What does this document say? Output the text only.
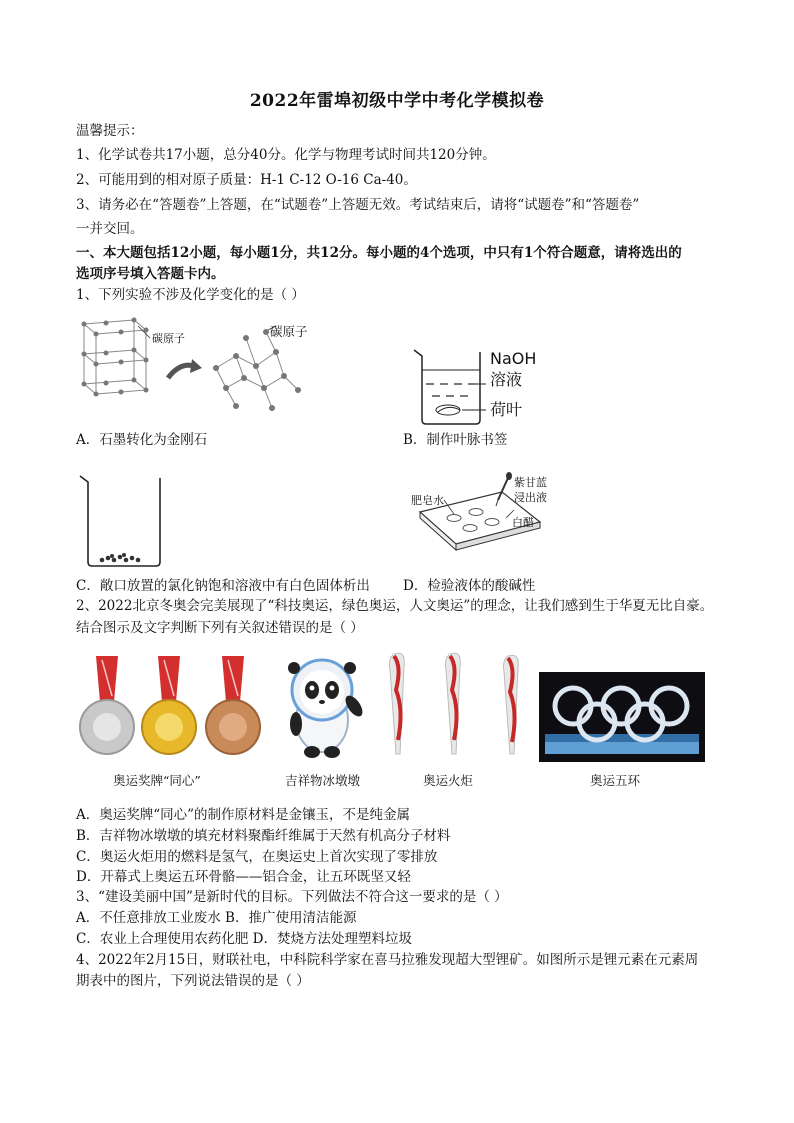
2022年雷埠初级中学中考化学模拟卷
温馨提示：
1、化学试卷共17小题，总分40分。化学与物理考试时间共120分钟。
2、可能用到的相对原子质量：H-1 C-12 O-16 Ca-40。
3、请务必在“答题卷”上答题，在“试题卷”上答题无效。考试结束后，请将“试题卷”和“答题卷”
一并交回。
一、本大题包括12小题，每小题1分，共12分。每小题的4个选项，中只有1个符合题意，请将选出的
选项序号填入答题卡内。
1、下列实验不涉及化学变化的是（ ）
碳原子	碳原子
NaOH
溶液
荷叶
A．石墨转化为金刚石	B．制作叶脉书签
紫甘蓝
浸出液
肥皂水
白醋
C．敞口放置的氯化钠饱和溶液中有白色固体析出 D．检验液体的酸碱性
2、2022北京冬奥会完美展现了“科技奥运，绿色奥运，人文奥运”的理念，让我们感到生于华夏无比自豪。
结合图示及文字判断下列有关叙述错误的是（ ）
奥运奖牌“同心”	吉祥物冰墩墩	奥运火炬	奥运五环
A．奥运奖牌“同心”的制作原材料是金镶玉，不是纯金属
B．吉祥物冰墩墩的填充材料聚酯纤维属于天然有机高分子材料
C．奥运火炬用的燃料是氢气，在奥运史上首次实现了零排放
D．开幕式上奥运五环骨骼——铝合金，让五环既坚又轻
3、“建设美丽中国”是新时代的目标。下列做法不符合这一要求的是（ ）
A．不任意排放工业废水 B．推广使用清洁能源
C．农业上合理使用农药化肥 D．焚烧方法处理塑料垃圾
4、2022年2月15日，财联社电，中科院科学家在喜马拉雅发现超大型锂矿。如图所示是锂元素在元素周
期表中的图片，下列说法错误的是（ ）
